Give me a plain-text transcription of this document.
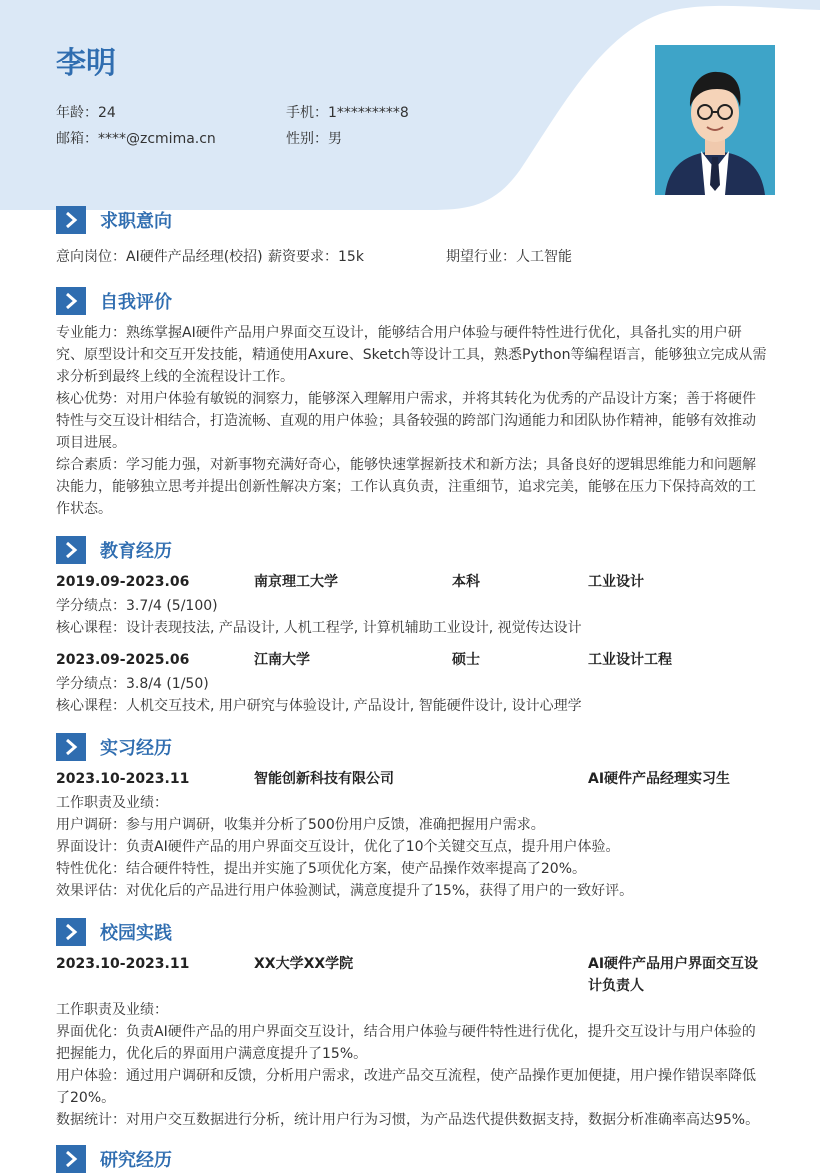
李明
年龄：24	手机：1*********8
邮箱：****@zcmima.cn	性别：男
求职意向
意向岗位：AI硬件产品经理(校招) 薪资要求：15k	期望行业：人工智能
自我评价
专业能力：熟练掌握AI硬件产品用户界面交互设计，能够结合用户体验与硬件特性进行优化，具备扎实的用户研究、原型设计和交互开发技能，精通使用Axure、Sketch等设计工具，熟悉Python等编程语言，能够独立完成从需求分析到最终上线的全流程设计工作。
核心优势：对用户体验有敏锐的洞察力，能够深入理解用户需求，并将其转化为优秀的产品设计方案；善于将硬件特性与交互设计相结合，打造流畅、直观的用户体验；具备较强的跨部门沟通能力和团队协作精神，能够有效推动项目进展。
综合素质：学习能力强，对新事物充满好奇心，能够快速掌握新技术和新方法；具备良好的逻辑思维能力和问题解决能力，能够独立思考并提出创新性解决方案；工作认真负责，注重细节，追求完美，能够在压力下保持高效的工作状态。
教育经历
2019.09-2023.06	南京理工大学	本科	工业设计
学分绩点：3.7/4 (5/100)
核心课程：设计表现技法, 产品设计, 人机工程学, 计算机辅助工业设计, 视觉传达设计
2023.09-2025.06	江南大学	硕士	工业设计工程
学分绩点：3.8/4 (1/50)
核心课程：人机交互技术, 用户研究与体验设计, 产品设计, 智能硬件设计, 设计心理学
实习经历
2023.10-2023.11	智能创新科技有限公司	AI硬件产品经理实习生
工作职责及业绩：
用户调研：参与用户调研，收集并分析了500份用户反馈，准确把握用户需求。
界面设计：负责AI硬件产品的用户界面交互设计，优化了10个关键交互点，提升用户体验。
特性优化：结合硬件特性，提出并实施了5项优化方案，使产品操作效率提高了20%。
效果评估：对优化后的产品进行用户体验测试，满意度提升了15%，获得了用户的一致好评。
校园实践
2023.10-2023.11	XX大学XX学院	AI硬件产品用户界面交互设
计负责人
工作职责及业绩：
界面优化：负责AI硬件产品的用户界面交互设计，结合用户体验与硬件特性进行优化，提升交互设计与用户体验的把握能力，优化后的界面用户满意度提升了15%。
用户体验：通过用户调研和反馈，分析用户需求，改进产品交互流程，使产品操作更加便捷，用户操作错误率降低了20%。
数据统计：对用户交互数据进行分析，统计用户行为习惯，为产品迭代提供数据支持，数据分析准确率高达95%。
研究经历
